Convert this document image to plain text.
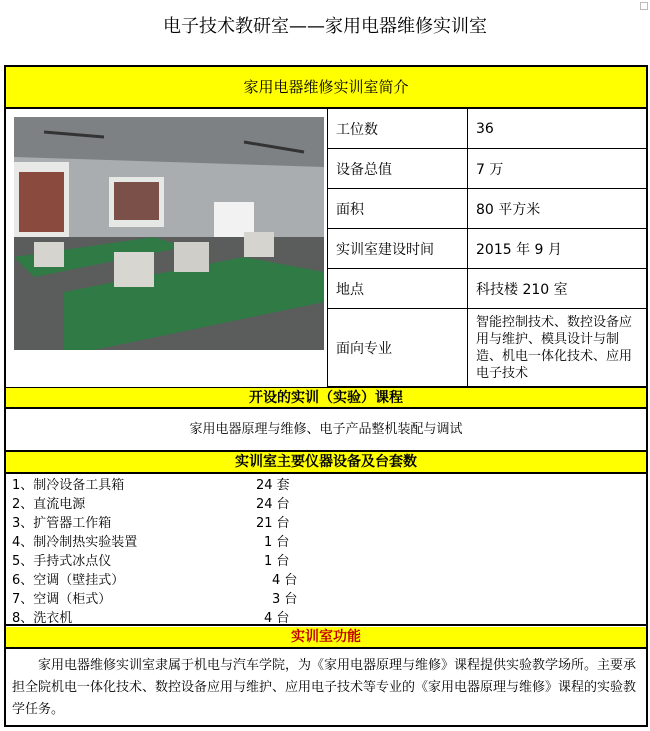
电子技术教研室——家用电器维修实训室
家用电器维修实训室简介
工位数	36
设备总值	7 万
面积	80 平方米
实训室建设时间	2015 年 9 月
地点	科技楼 210 室
面向专业
智能控制技术、数控设备应用与维护、模具设计与制造、机电一体化技术、应用电子技术
开设的实训（实验）课程
家用电器原理与维修、电子产品整机装配与调试
实训室主要仪器设备及台套数
1、制冷设备工具箱	24 套
2、直流电源	24 台
3、扩管器工作箱	21 台
4、制冷制热实验装置	1 台
5、手持式冰点仪	1 台
6、空调（壁挂式）	4 台
7、空调（柜式）	3 台
8、洗衣机	4 台
实训室功能
家用电器维修实训室隶属于机电与汽车学院，为《家用电器原理与维修》课程提供实验教学场所。主要承担全院机电一体化技术、数控设备应用与维护、应用电子技术等专业的《家用电器原理与维修》课程的实验教学任务。
